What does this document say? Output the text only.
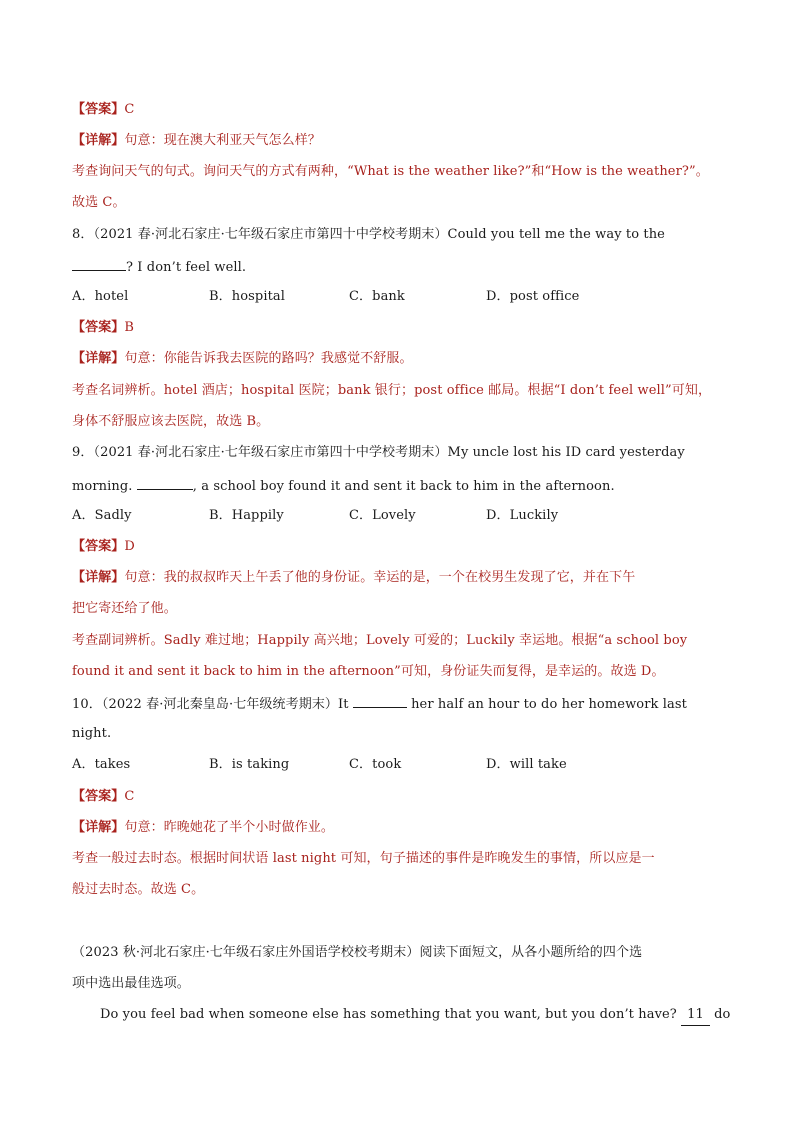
【答案】C
【详解】句意：现在澳大利亚天气怎么样？
考查询问天气的句式。询问天气的方式有两种，“What is the weather like?”和“How is the weather?”。
故选 C。
8．（2021 春·河北石家庄·七年级石家庄市第四十中学校考期末）Could you tell me the way to the
? I don’t feel well.
A．hotel	B．hospital	C．bank	D．post office
【答案】B
【详解】句意：你能告诉我去医院的路吗？我感觉不舒服。
考查名词辨析。hotel 酒店；hospital 医院；bank 银行；post office 邮局。根据“I don’t feel well”可知，
身体不舒服应该去医院，故选 B。
9．（2021 春·河北石家庄·七年级石家庄市第四十中学校考期末）My uncle lost his ID card yesterday
morning.	, a school boy found it and sent it back to him in the afternoon.
A．Sadly	B．Happily	C．Lovely	D．Luckily
【答案】D
【详解】句意：我的叔叔昨天上午丢了他的身份证。幸运的是，一个在校男生发现了它，并在下午
把它寄还给了他。
考查副词辨析。Sadly 难过地；Happily 高兴地；Lovely 可爱的；Luckily 幸运地。根据“a school boy
found it and sent it back to him in the afternoon”可知，身份证失而复得，是幸运的。故选 D。
10．（2022 春·河北秦皇岛·七年级统考期末）It	her half an hour to do her homework last
night.
A．takes	B．is taking	C．took	D．will take
【答案】C
【详解】句意：昨晚她花了半个小时做作业。
考查一般过去时态。根据时间状语 last night 可知，句子描述的事件是昨晚发生的事情，所以应是一
般过去时态。故选 C。
（2023 秋·河北石家庄·七年级石家庄外国语学校校考期末）阅读下面短文，从各小题所给的四个选
项中选出最佳选项。
Do you feel bad when someone else has something that you want, but you don’t have? 11 do
